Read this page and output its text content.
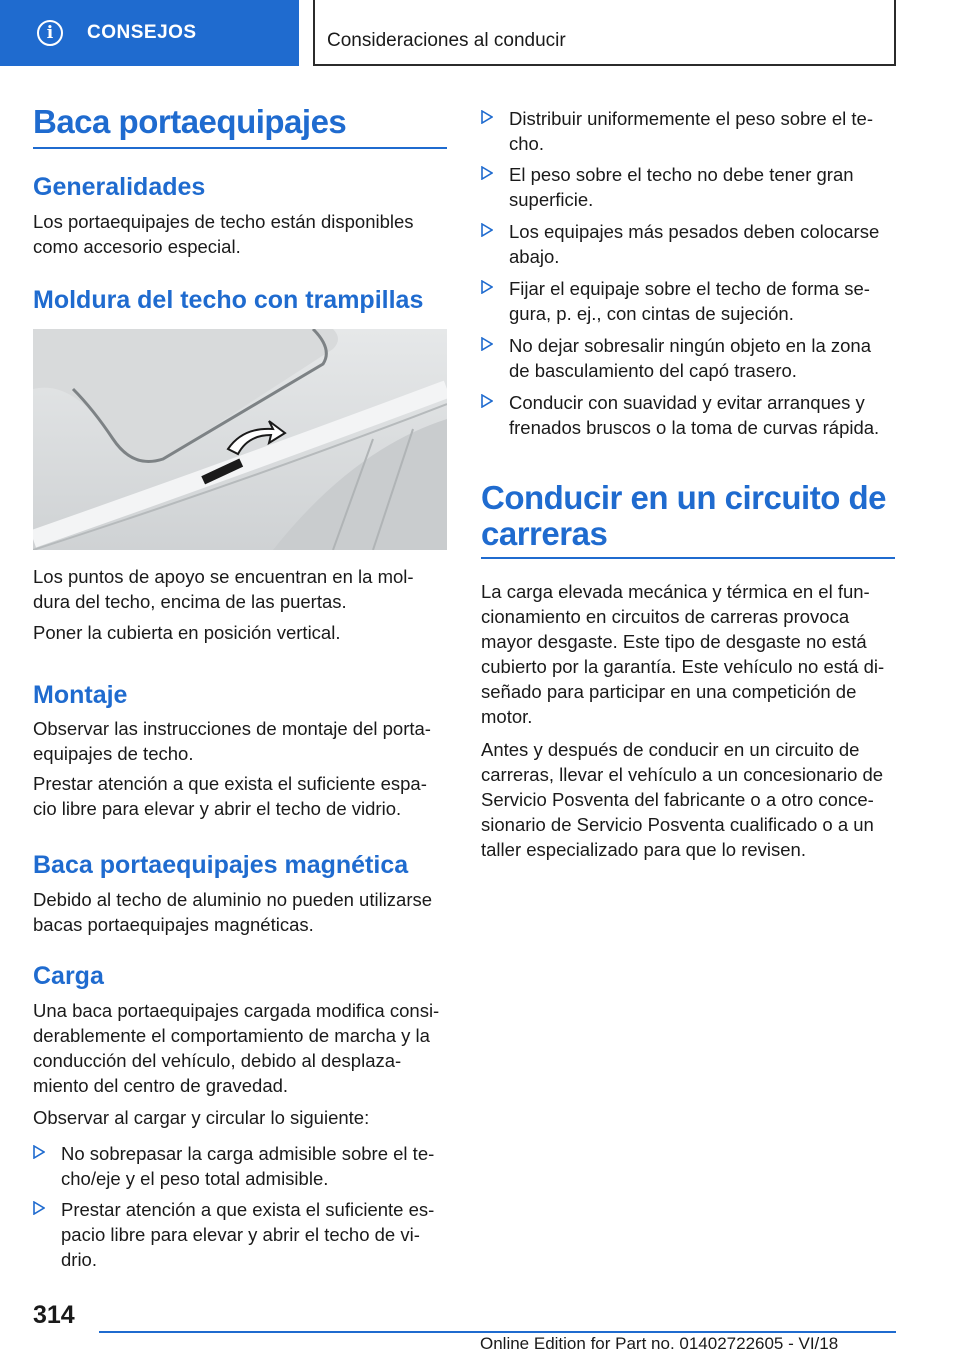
i	CONSEJOS	Consideraciones al conducir
Baca portaequipajes
Generalidades
Los portaequipajes de techo están disponibles
como accesorio especial.
Moldura del techo con trampillas
Los puntos de apoyo se encuentran en la mol-
dura del techo, encima de las puertas.
Poner la cubierta en posición vertical.
Montaje
Observar las instrucciones de montaje del porta-
equipajes de techo.
Prestar atención a que exista el suficiente espa-
cio libre para elevar y abrir el techo de vidrio.
Baca portaequipajes magnética
Debido al techo de aluminio no pueden utilizarse
bacas portaequipajes magnéticas.
Carga
Una baca portaequipajes cargada modifica consi-
derablemente el comportamiento de marcha y la
conducción del vehículo, debido al desplaza-
miento del centro de gravedad.
Observar al cargar y circular lo siguiente:
No sobrepasar la carga admisible sobre el te-
cho/eje y el peso total admisible.
Prestar atención a que exista el suficiente es-
pacio libre para elevar y abrir el techo de vi-
drio.
Distribuir uniformemente el peso sobre el te-
cho.
El peso sobre el techo no debe tener gran
superficie.
Los equipajes más pesados deben colocarse
abajo.
Fijar el equipaje sobre el techo de forma se-
gura, p. ej., con cintas de sujeción.
No dejar sobresalir ningún objeto en la zona
de basculamiento del capó trasero.
Conducir con suavidad y evitar arranques y
frenados bruscos o la toma de curvas rápida.
Conducir en un circuito de
carreras
La carga elevada mecánica y térmica en el fun-
cionamiento en circuitos de carreras provoca
mayor desgaste. Este tipo de desgaste no está
cubierto por la garantía. Este vehículo no está di-
señado para participar en una competición de
motor.
Antes y después de conducir en un circuito de
carreras, llevar el vehículo a un concesionario de
Servicio Posventa del fabricante o a otro conce-
sionario de Servicio Posventa cualificado o a un
taller especializado para que lo revisen.
314
Online Edition for Part no. 01402722605 - VI/18
